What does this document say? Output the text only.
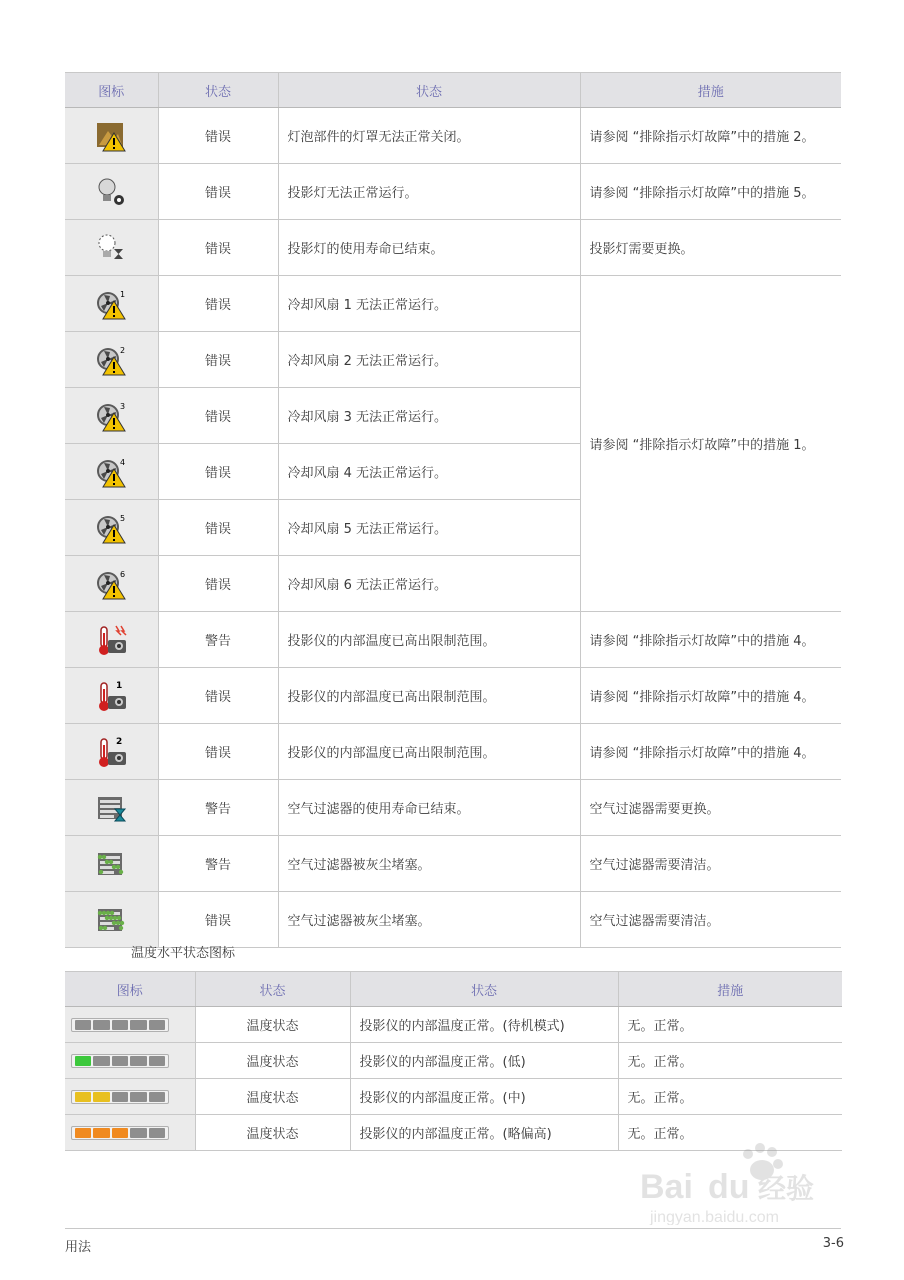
图标	状态	状态	措施
	错误	灯泡部件的灯罩无法正常关闭。	请参阅 “排除指示灯故障”中的措施 2。
	错误	投影灯无法正常运行。	请参阅 “排除指示灯故障”中的措施 5。
	错误	投影灯的使用寿命已结束。	投影灯需要更换。

1	错误	冷却风扇 1 无法正常运行。	请参阅 “排除指示灯故障”中的措施 1。

2	错误	冷却风扇 2 无法正常运行。	

3	错误	冷却风扇 3 无法正常运行。	

4	错误	冷却风扇 4 无法正常运行。	

5	错误	冷却风扇 5 无法正常运行。	

6	错误	冷却风扇 6 无法正常运行。	
	警告	投影仪的内部温度已高出限制范围。	请参阅 “排除指示灯故障”中的措施 4。

1	错误	投影仪的内部温度已高出限制范围。	请参阅 “排除指示灯故障”中的措施 4。

2	错误	投影仪的内部温度已高出限制范围。	请参阅 “排除指示灯故障”中的措施 4。
	警告	空气过滤器的使用寿命已结束。	空气过滤器需要更换。
	警告	空气过滤器被灰尘堵塞。	空气过滤器需要清洁。
	错误	空气过滤器被灰尘堵塞。	空气过滤器需要清洁。
温度水平状态图标
图标	状态	状态	措施

	温度状态	投影仪的内部温度正常。(待机模式)	无。正常。

	温度状态	投影仪的内部温度正常。(低)	无。正常。

	温度状态	投影仪的内部温度正常。(中)	无。正常。

	温度状态	投影仪的内部温度正常。(略偏高)	无。正常。
用法	3-6
Bai du 经验
jingyan.baidu.com
